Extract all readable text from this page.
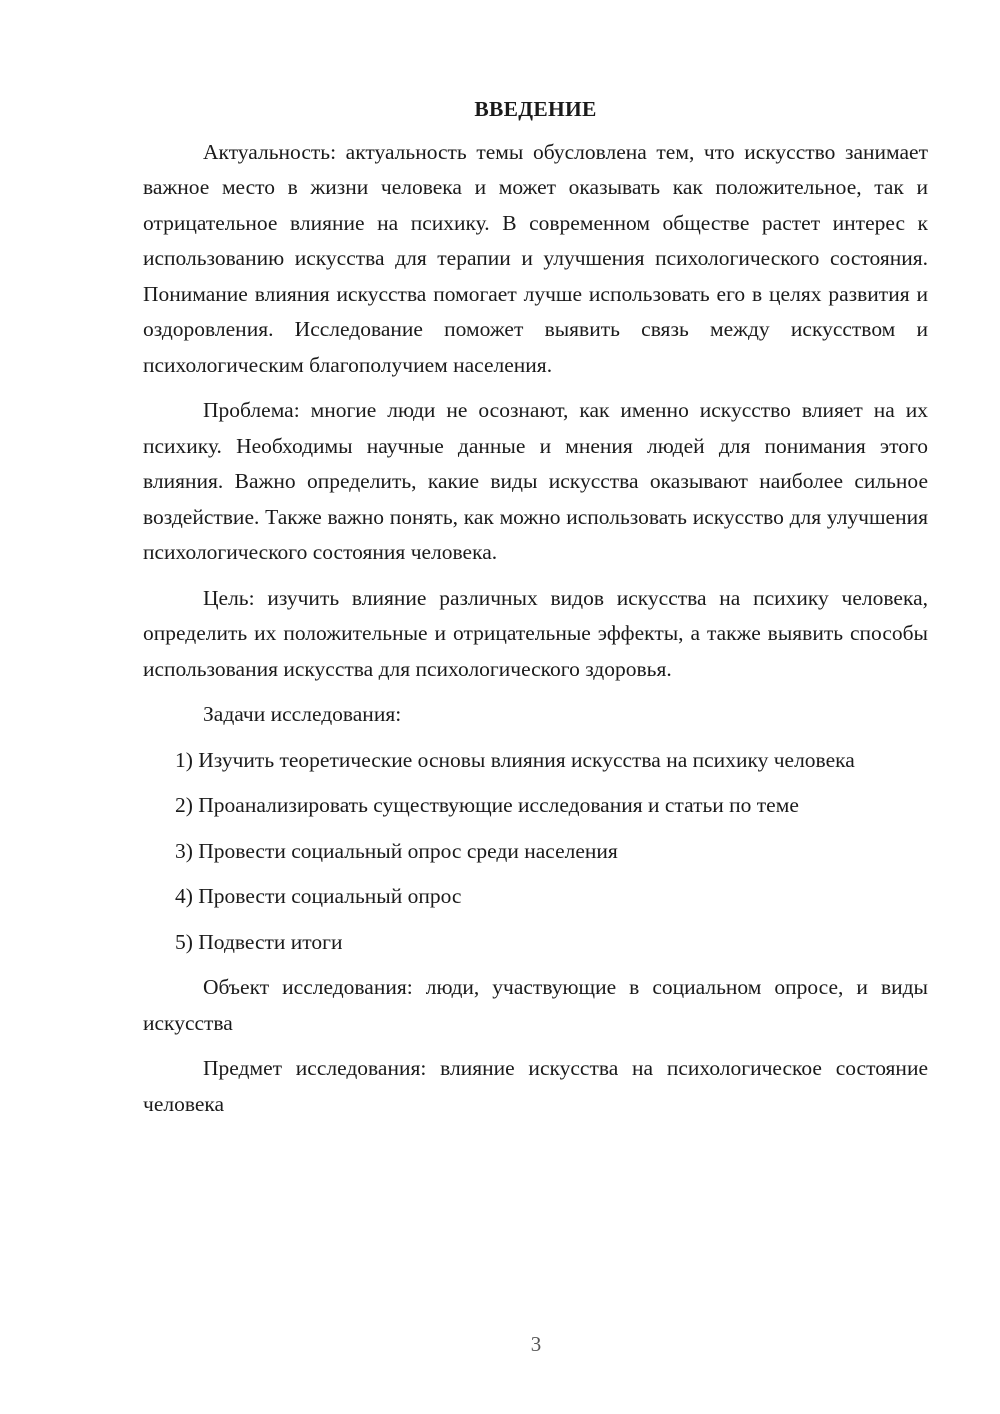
ВВЕДЕНИЕ

Актуальность: актуальность темы обусловлена тем, что искусство занимает важное место в жизни человека и может оказывать как положительное, так и отрицательное влияние на психику. В современном обществе растет интерес к использованию искусства для терапии и улучшения психологического состояния. Понимание влияния искусства помогает лучше использовать его в целях развития и оздоровления. Исследование поможет выявить связь между искусством и психологическим благополучием населения.

Проблема: многие люди не осознают, как именно искусство влияет на их психику. Необходимы научные данные и мнения людей для понимания этого влияния. Важно определить, какие виды искусства оказывают наиболее сильное воздействие. Также важно понять, как можно использовать искусство для улучшения психологического состояния человека.

Цель: изучить влияние различных видов искусства на психику человека, определить их положительные и отрицательные эффекты, а также выявить способы использования искусства для психологического здоровья.

Задачи исследования:

1) Изучить теоретические основы влияния искусства на психику человека

2) Проанализировать существующие исследования и статьи по теме

3) Провести социальный опрос среди населения

4) Провести социальный опрос

5) Подвести итоги

Объект исследования: люди, участвующие в социальном опросе, и виды искусства

Предмет исследования: влияние искусства на психологическое состояние человека

3
